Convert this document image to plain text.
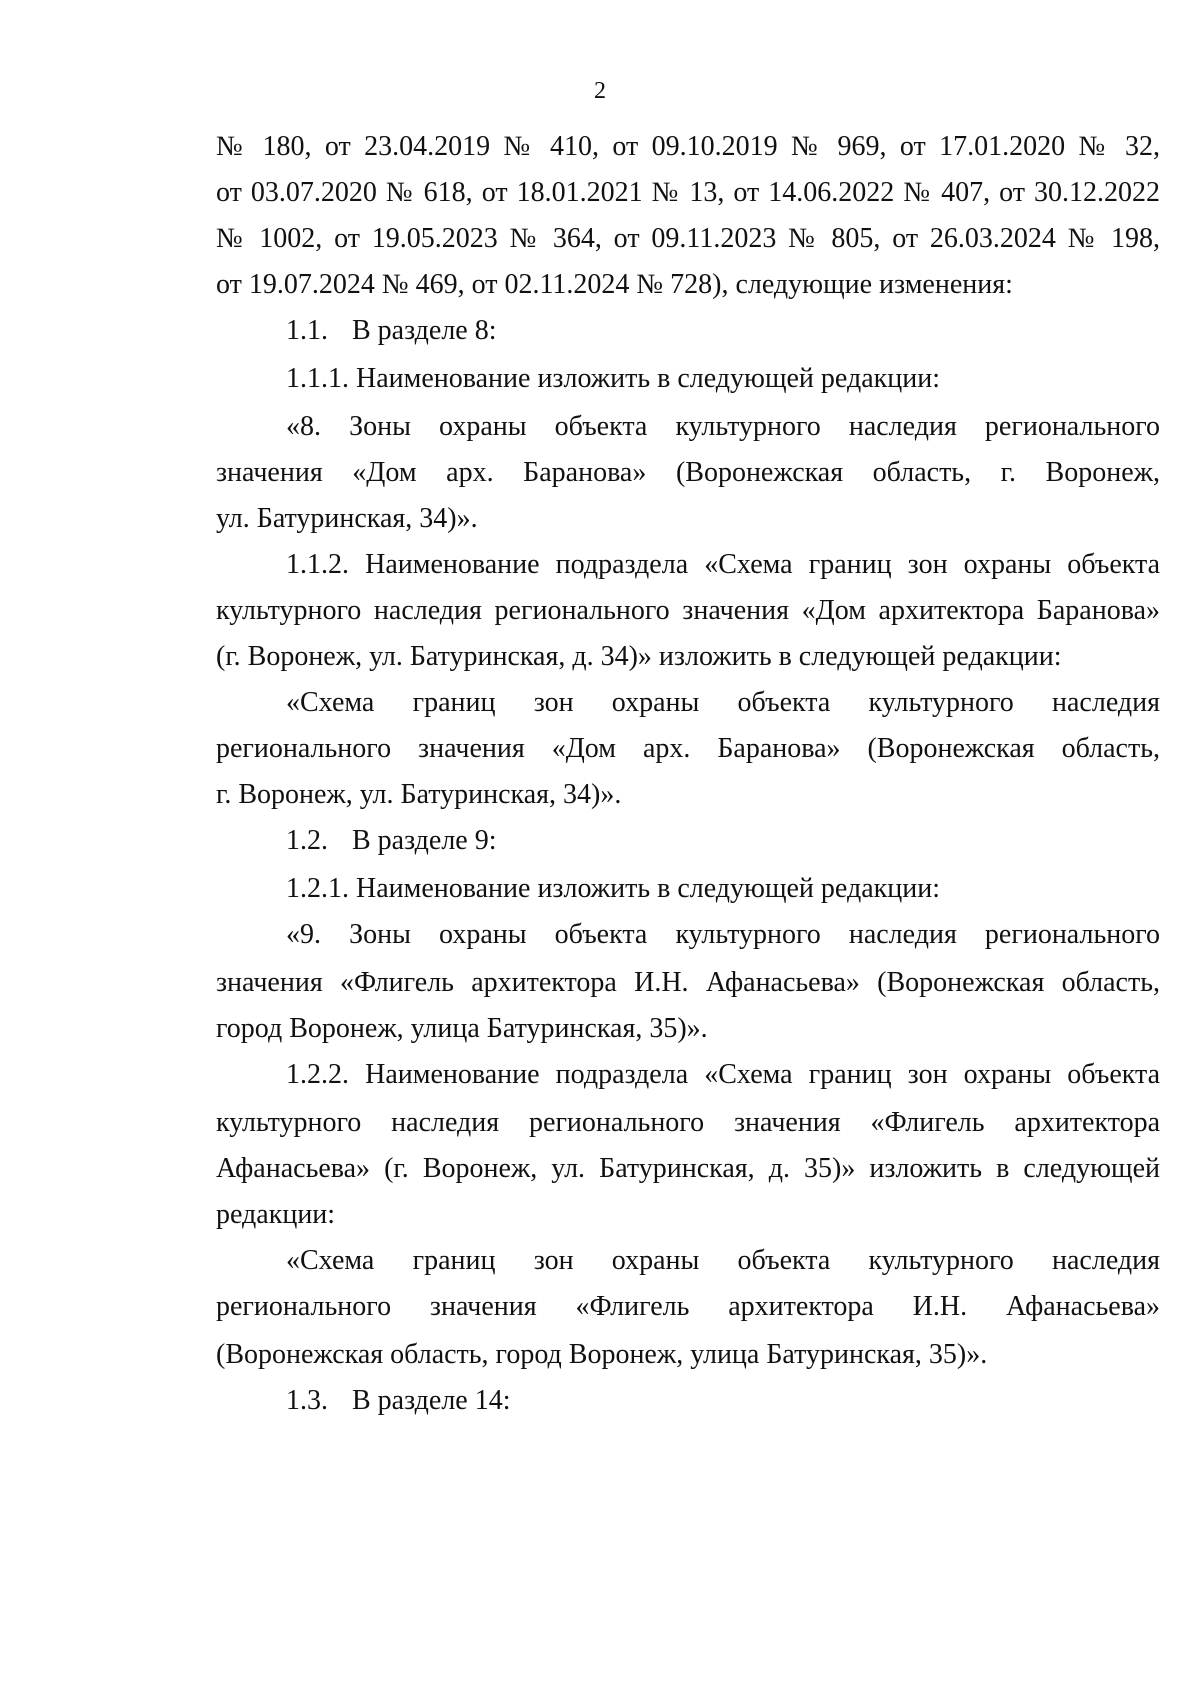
2
№ 180, от 23.04.2019 № 410, от 09.10.2019 № 969, от 17.01.2020 № 32,
от 03.07.2020 № 618, от 18.01.2021 № 13, от 14.06.2022 № 407, от 30.12.2022
№ 1002, от 19.05.2023 № 364, от 09.11.2023 № 805, от 26.03.2024 № 198,
от 19.07.2024 № 469, от 02.11.2024 № 728), следующие изменения:
1.1. В разделе 8:
1.1.1. Наименование изложить в следующей редакции:
«8. Зоны охраны объекта культурного наследия регионального
значения «Дом арх. Баранова» (Воронежская область, г. Воронеж,
ул. Батуринская, 34)».
1.1.2. Наименование подраздела «Схема границ зон охраны объекта
культурного наследия регионального значения «Дом архитектора Баранова»
(г. Воронеж, ул. Батуринская, д. 34)» изложить в следующей редакции:
«Схема границ зон охраны объекта культурного наследия
регионального значения «Дом арх. Баранова» (Воронежская область,
г. Воронеж, ул. Батуринская, 34)».
1.2. В разделе 9:
1.2.1. Наименование изложить в следующей редакции:
«9. Зоны охраны объекта культурного наследия регионального
значения «Флигель архитектора И.Н. Афанасьева» (Воронежская область,
город Воронеж, улица Батуринская, 35)».
1.2.2. Наименование подраздела «Схема границ зон охраны объекта
культурного наследия регионального значения «Флигель архитектора
Афанасьева» (г. Воронеж, ул. Батуринская, д. 35)» изложить в следующей
редакции:
«Схема границ зон охраны объекта культурного наследия
регионального значения «Флигель архитектора И.Н. Афанасьева»
(Воронежская область, город Воронеж, улица Батуринская, 35)».
1.3. В разделе 14:
